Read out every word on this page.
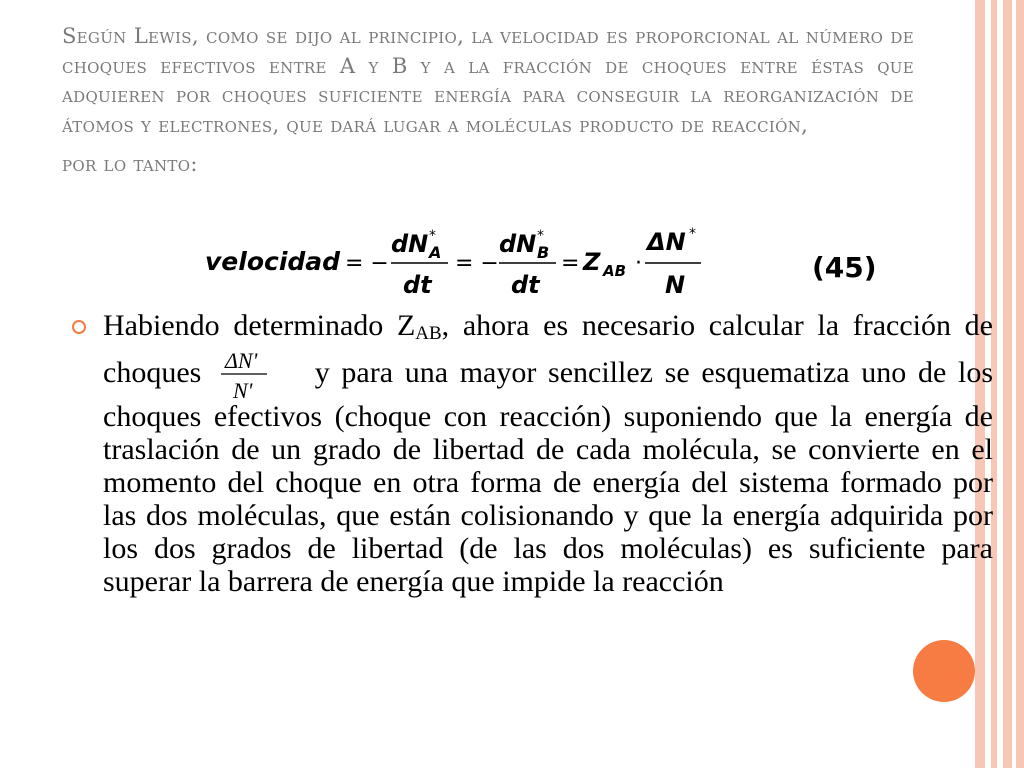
Según Lewis, como se dijo al principio, la velocidad es proporcional al número de choques efectivos entre A y B y a la fracción de choques entre éstas que adquieren por choques suficiente energía para conseguir la reorganización de átomos y electrones, que dará lugar a moléculas producto de reacción,
por lo tanto:
velocidad = −
dN *
A
dt
= −
dN *
B
dt
= Z AB ·
ΔN *
N
(45)
Habiendo determinado $Z_{AB}$, ahora es necesario calcular la fracción de choques ΔN'
N'
y para una mayor sencillez se esquematiza uno de los choques efectivos (choque con reacción) suponiendo que la energía de traslación de un grado de libertad de cada molécula, se convierte en el momento del choque en otra forma de energía del sistema formado por las dos moléculas, que están colisionando y que la energía adquirida por los dos grados de libertad (de las dos moléculas) es suficiente para superar la barrera de energía que impide la reacción
